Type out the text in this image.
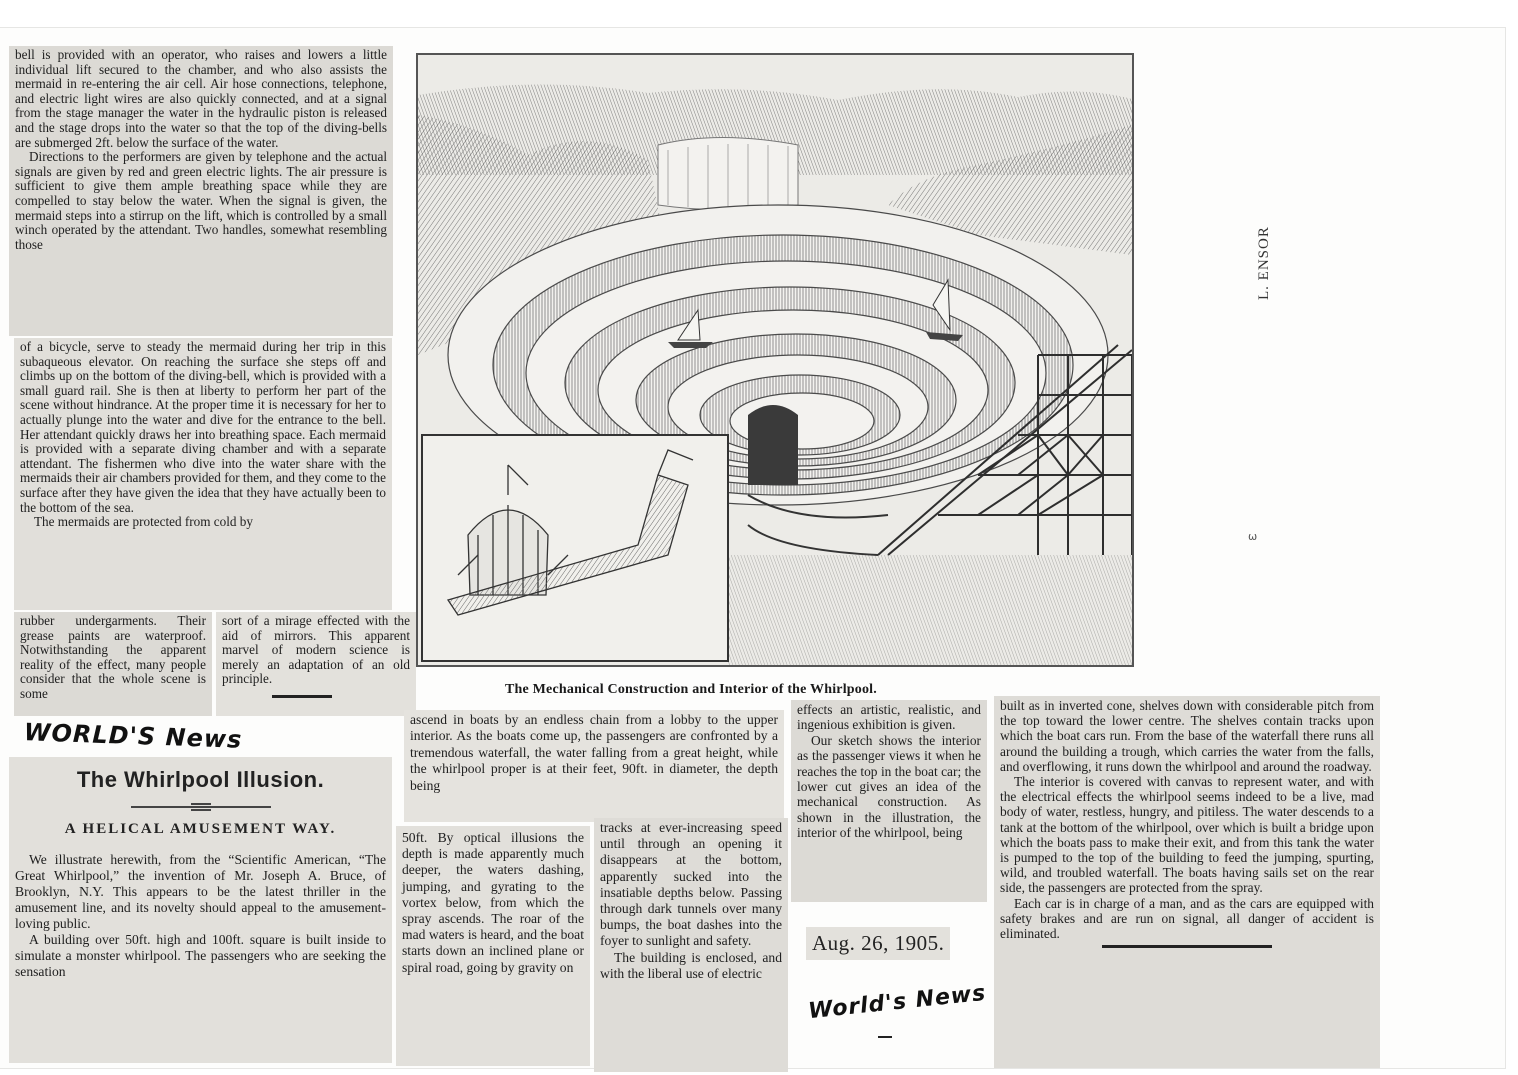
bell is provided with an operator, who raises and lowers a little individual lift secured to the chamber, and who also assists the mermaid in re-entering the air cell. Air hose connections, telephone, and electric light wires are also quickly connected, and at a signal from the stage manager the water in the hydraulic piston is released and the stage drops into the water so that the top of the diving-bells are submerged 2ft. below the surface of the water.

Directions to the performers are given by telephone and the actual signals are given by red and green electric lights. The air pressure is sufficient to give them ample breathing space while they are compelled to stay below the water. When the signal is given, the mermaid steps into a stirrup on the lift, which is controlled by a small winch operated by the attendant. Two handles, somewhat resembling those

of a bicycle, serve to steady the mermaid during her trip in this subaqueous elevator. On reaching the surface she steps off and climbs up on the bottom of the diving-bell, which is provided with a small guard rail. She is then at liberty to perform her part of the scene without hindrance. At the proper time it is necessary for her to actually plunge into the water and dive for the entrance to the bell. Her attendant quickly draws her into breathing space. Each mermaid is provided with a separate diving chamber and with a separate attendant. The fishermen who dive into the water share with the mermaids their air chambers provided for them, and they come to the surface after they have given the idea that they have actually been to the bottom of the sea.

The mermaids are protected from cold by

rubber undergarments. Their grease paints are waterproof. Notwithstanding the apparent reality of the effect, many people consider that the whole scene is some

sort of a mirage effected with the aid of mirrors. This apparent marvel of modern science is merely an adaptation of an old principle.

WORLD'S News
The Whirlpool Illusion.
A HELICAL AMUSEMENT WAY.

We illustrate herewith, from the “Scientific American, “The Great Whirlpool,” the invention of Mr. Joseph A. Bruce, of Brooklyn, N.Y. This appears to be the latest thriller in the amusement line, and its novelty should appeal to the amusement-loving public.

A building over 50ft. high and 100ft. square is built inside to simulate a monster whirlpool. The passengers who are seeking the sensation

The Mechanical Construction and Interior of the Whirlpool.

ascend in boats by an endless chain from a lobby to the upper interior. As the boats come up, the passengers are confronted by a tremendous waterfall, the water falling from a great height, while the whirlpool proper is at their feet, 90ft. in diameter, the depth being

50ft. By optical illusions the depth is made apparently much deeper, the waters dashing, jumping, and gyrating to the vortex below, from which the spray ascends. The roar of the mad waters is heard, and the boat starts down an inclined plane or spiral road, going by gravity on

tracks at ever-increasing speed until through an opening it disappears at the bottom, apparently sucked into the insatiable depths below. Passing through dark tunnels over many bumps, the boat dashes into the foyer to sunlight and safety.

The building is enclosed, and with the liberal use of electric

effects an artistic, realistic, and ingenious exhibition is given.

Our sketch shows the interior as the passenger views it when he reaches the top in the boat car; the lower cut gives an idea of the mechanical construction. As shown in the illustration, the interior of the whirlpool, being

Aug. 26, 1905.
World's News

built as in inverted cone, shelves down with considerable pitch from the top toward the lower centre. The shelves contain tracks upon which the boat cars run. From the base of the waterfall there runs all around the building a trough, which carries the water from the falls, and overflowing, it runs down the whirlpool and around the roadway.

The interior is covered with canvas to represent water, and with the electrical effects the whirlpool seems indeed to be a live, mad body of water, restless, hungry, and pitiless. The water descends to a tank at the bottom of the whirlpool, over which is built a bridge upon which the boats pass to make their exit, and from this tank the water is pumped to the top of the building to feed the jumping, spurting, wild, and troubled waterfall. The boats having sails set on the rear side, the passengers are protected from the spray.

Each car is in charge of a man, and as the cars are equipped with safety brakes and are run on signal, all danger of accident is eliminated.

L. ENSOR
ω
